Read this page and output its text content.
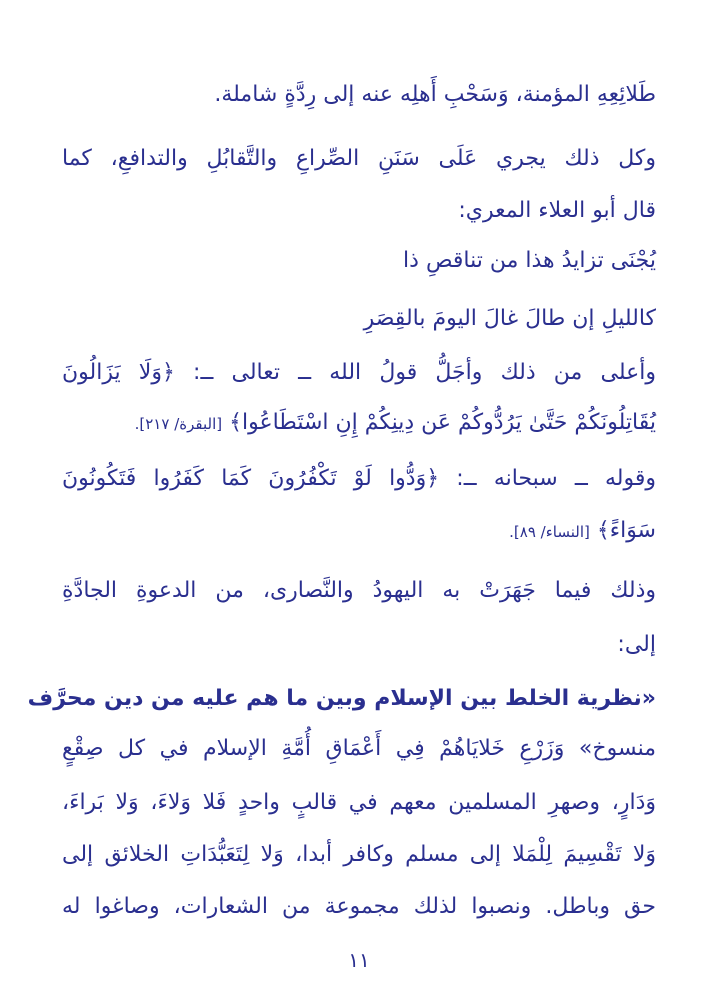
طَلائِعِهِ المؤمنة، وَسَحْبِ أَهلِه عنه إلى رِدَّةٍ شاملة.
وكل ذلك يجري عَلَى سَنَنِ الصِّراعِ والتَّقابُلِ والتدافعِ، كما
قال أبو العلاء المعري:
يُجْنَى تزايدُ هذا من تناقصِ ذا
كالليلِ إن طالَ غالَ اليومَ بالقِصَرِ
وأعلى من ذلك وأجَلُّ قولُ الله ــ تعالى ــ: ﴿وَلَا يَزَالُونَ
يُقَاتِلُونَكُمْ حَتَّىٰ يَرُدُّوكُمْ عَن دِينِكُمْ إِنِ اسْتَطَاعُوا﴾ [البقرة/ ٢١٧].
وقوله ــ سبحانه ــ: ﴿وَدُّوا لَوْ تَكْفُرُونَ كَمَا كَفَرُوا فَتَكُونُونَ
سَوَاءً﴾ [النساء/ ٨٩].
وذلك فيما جَهَرَتْ به اليهودُ والنَّصارى، من الدعوةِ الجادَّةِ
إلى:
«نظرية الخلط بين الإسلام وبين ما هم عليه من دين محرَّف
منسوخ» وَزَرْعِ خَلايَاهُمْ فِي أَعْمَاقِ أُمَّةِ الإسلام في كل صِقْعٍ
وَدَارٍ، وصهرِ المسلمين معهم في قالبٍ واحدٍ فَلا وَلاءَ، وَلا بَراءَ،
وَلا تَقْسِيمَ لِلْمَلا إلى مسلم وكافر أبدا، وَلا لِتَعَبُّدَاتِ الخلائق إلى
حق وباطل. ونصبوا لذلك مجموعة من الشعارات، وصاغوا له
١١
